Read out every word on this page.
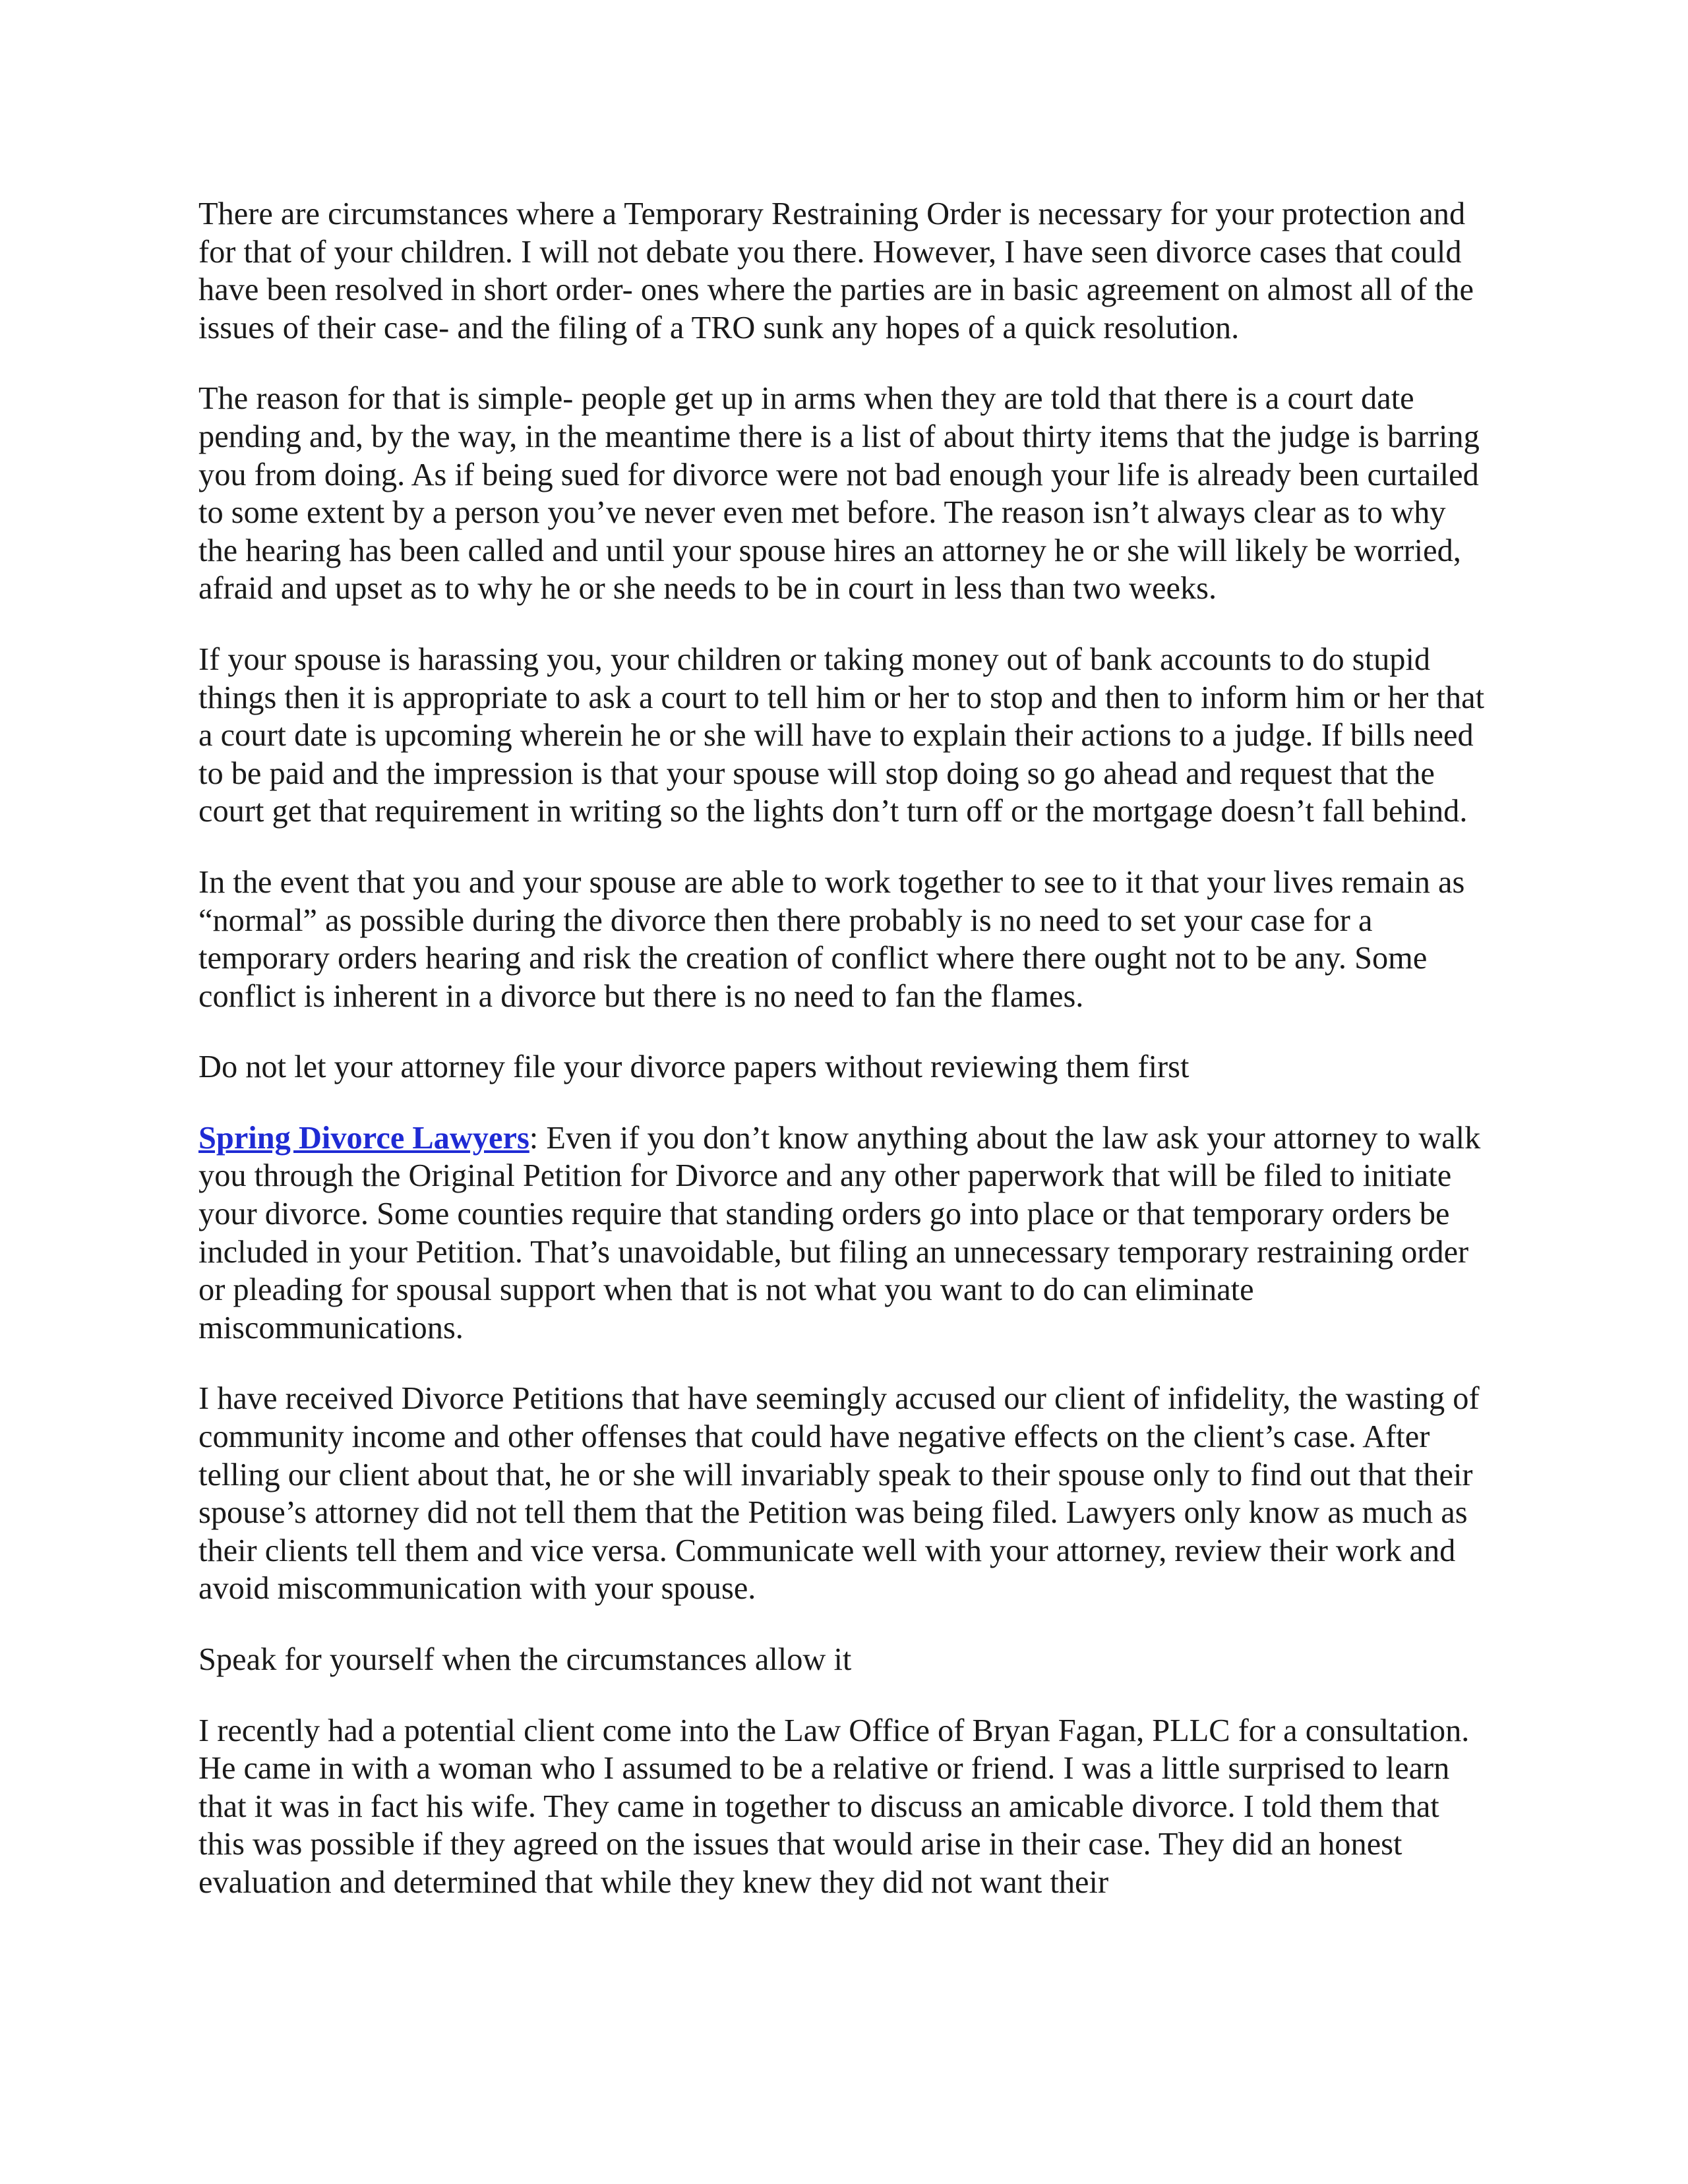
There are circumstances where a Temporary Restraining Order is necessary for your protection and for that of your children. I will not debate you there. However, I have seen divorce cases that could have been resolved in short order- ones where the parties are in basic agreement on almost all of the issues of their case- and the filing of a TRO sunk any hopes of a quick resolution.

The reason for that is simple- people get up in arms when they are told that there is a court date pending and, by the way, in the meantime there is a list of about thirty items that the judge is barring you from doing. As if being sued for divorce were not bad enough your life is already been curtailed to some extent by a person you’ve never even met before. The reason isn’t always clear as to why the hearing has been called and until your spouse hires an attorney he or she will likely be worried, afraid and upset as to why he or she needs to be in court in less than two weeks.

If your spouse is harassing you, your children or taking money out of bank accounts to do stupid things then it is appropriate to ask a court to tell him or her to stop and then to inform him or her that a court date is upcoming wherein he or she will have to explain their actions to a judge. If bills need to be paid and the impression is that your spouse will stop doing so go ahead and request that the court get that requirement in writing so the lights don’t turn off or the mortgage doesn’t fall behind.

In the event that you and your spouse are able to work together to see to it that your lives remain as “normal” as possible during the divorce then there probably is no need to set your case for a temporary orders hearing and risk the creation of conflict where there ought not to be any. Some conflict is inherent in a divorce but there is no need to fan the flames.

Do not let your attorney file your divorce papers without reviewing them first

Spring Divorce Lawyers: Even if you don’t know anything about the law ask your attorney to walk you through the Original Petition for Divorce and any other paperwork that will be filed to initiate your divorce. Some counties require that standing orders go into place or that temporary orders be included in your Petition. That’s unavoidable, but filing an unnecessary temporary restraining order or pleading for spousal support when that is not what you want to do can eliminate miscommunications.

I have received Divorce Petitions that have seemingly accused our client of infidelity, the wasting of community income and other offenses that could have negative effects on the client’s case. After telling our client about that, he or she will invariably speak to their spouse only to find out that their spouse’s attorney did not tell them that the Petition was being filed. Lawyers only know as much as their clients tell them and vice versa. Communicate well with your attorney, review their work and avoid miscommunication with your spouse.

Speak for yourself when the circumstances allow it

I recently had a potential client come into the Law Office of Bryan Fagan, PLLC for a consultation. He came in with a woman who I assumed to be a relative or friend. I was a little surprised to learn that it was in fact his wife. They came in together to discuss an amicable divorce. I told them that this was possible if they agreed on the issues that would arise in their case. They did an honest evaluation and determined that while they knew they did not want their
